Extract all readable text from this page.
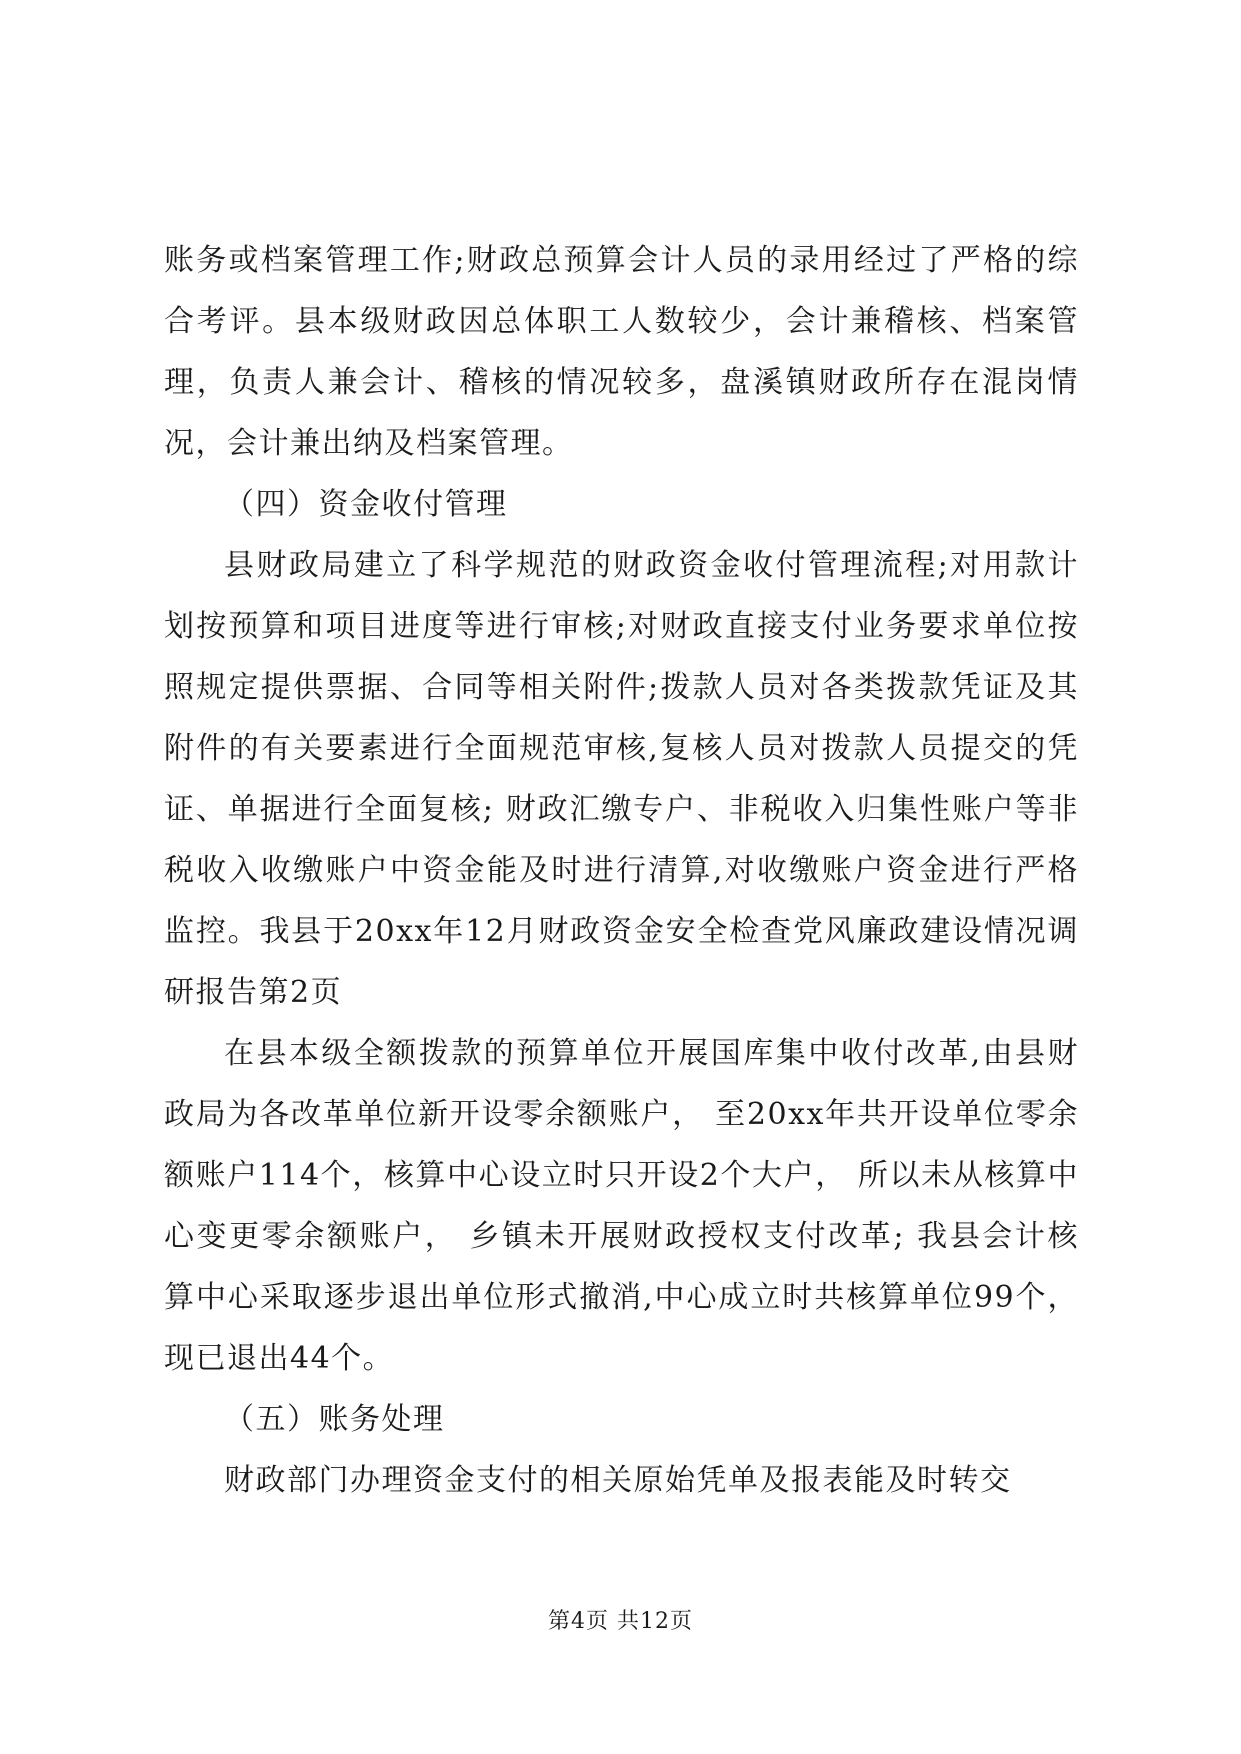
账务或档案管理工作;财政总预算会计人员的录用经过了严格的综合考评。县本级财政因总体职工人数较少，会计兼稽核、档案管理，负责人兼会计、稽核的情况较多，盘溪镇财政所存在混岗情况，会计兼出纳及档案管理。

（四）资金收付管理

县财政局建立了科学规范的财政资金收付管理流程;对用款计划按预算和项目进度等进行审核;对财政直接支付业务要求单位按照规定提供票据、合同等相关附件;拨款人员对各类拨款凭证及其附件的有关要素进行全面规范审核,复核人员对拨款人员提交的凭证、单据进行全面复核; 财政汇缴专户、非税收入归集性账户等非税收入收缴账户中资金能及时进行清算,对收缴账户资金进行严格监控。我县于20xx年12月财政资金安全检查党风廉政建设情况调研报告第2页

在县本级全额拨款的预算单位开展国库集中收付改革,由县财政局为各改革单位新开设零余额账户， 至20xx年共开设单位零余额账户114个，核算中心设立时只开设2个大户， 所以未从核算中心变更零余额账户， 乡镇未开展财政授权支付改革; 我县会计核算中心采取逐步退出单位形式撤消,中心成立时共核算单位99个，现已退出44个。

（五）账务处理

财政部门办理资金支付的相关原始凭单及报表能及时转交

第4页 共12页
